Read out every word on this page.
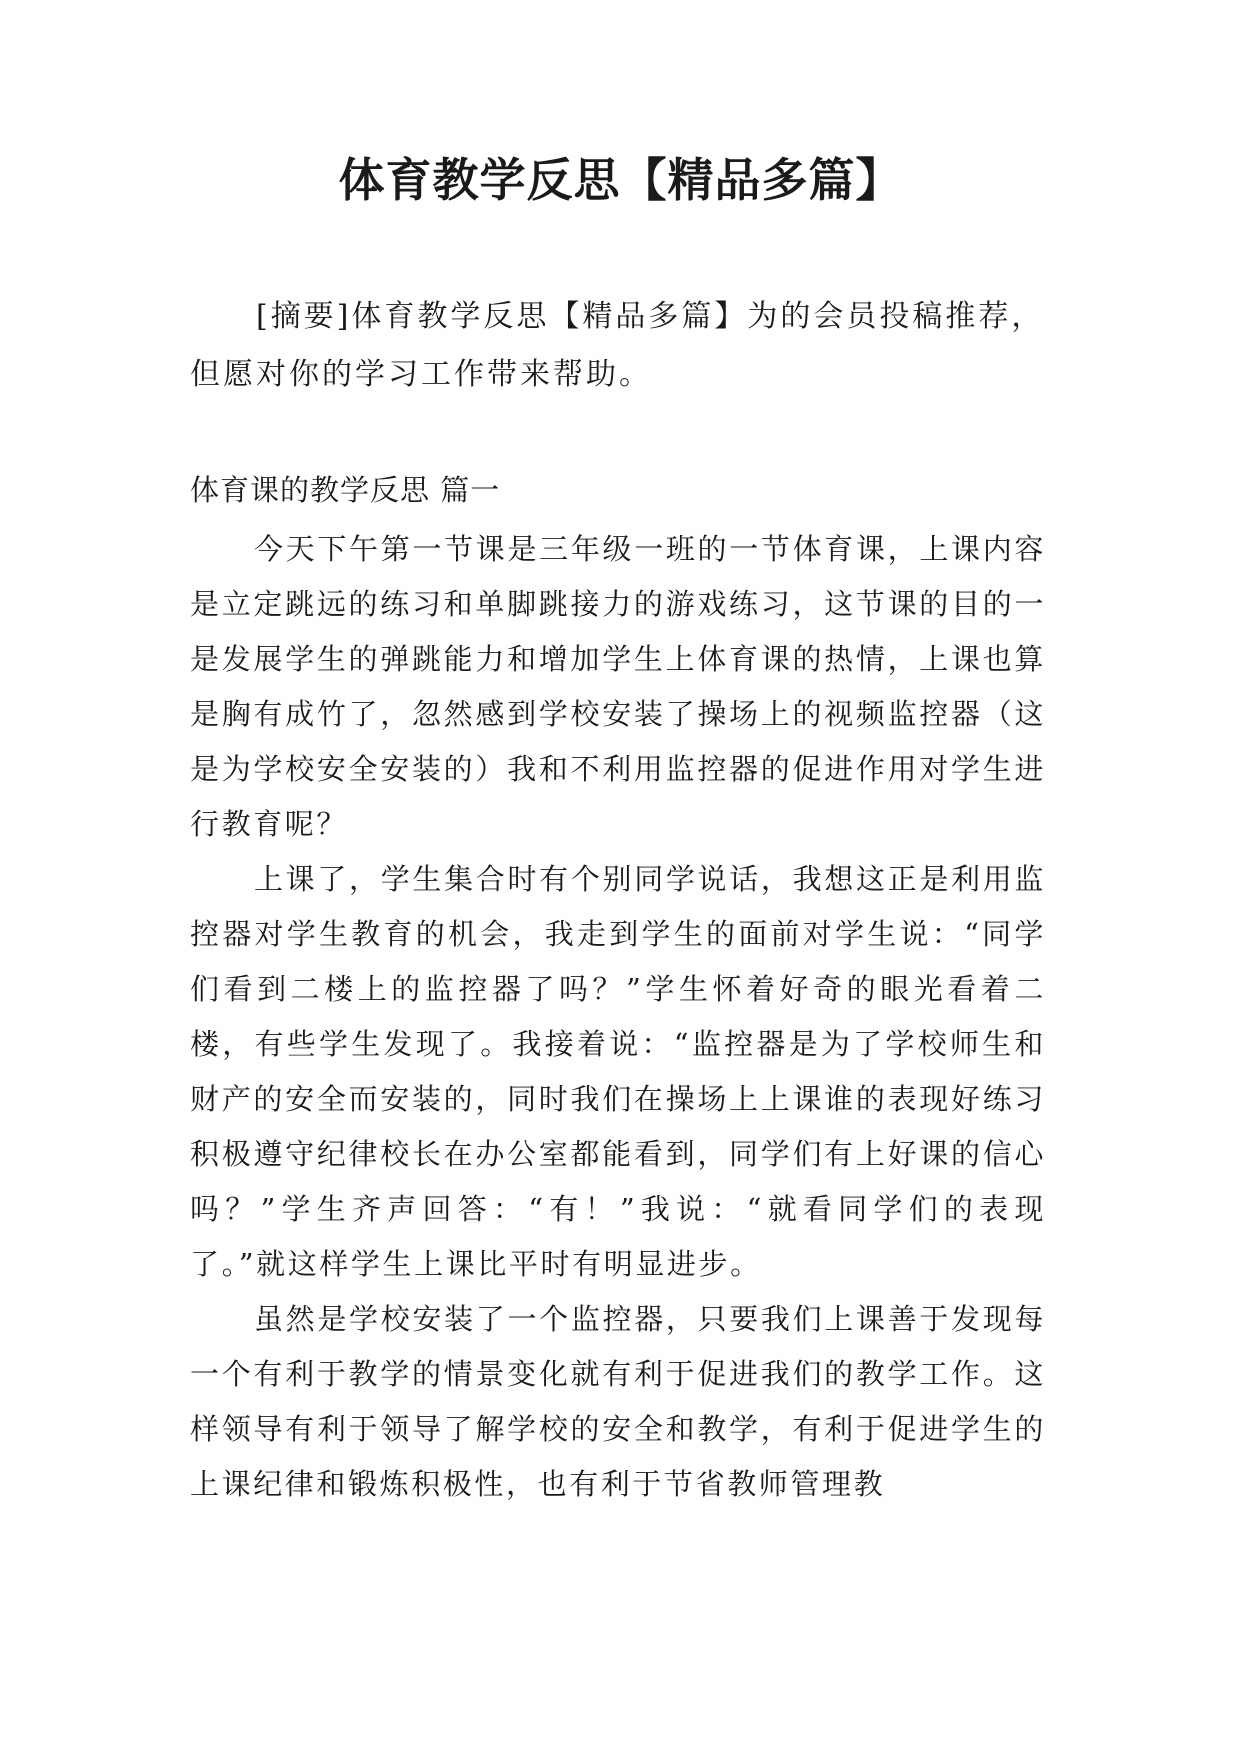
体育教学反思【精品多篇】

[摘要]体育教学反思【精品多篇】为的会员投稿推荐，但愿对你的学习工作带来帮助。

体育课的教学反思 篇一

今天下午第一节课是三年级一班的一节体育课，上课内容是立定跳远的练习和单脚跳接力的游戏练习，这节课的目的一是发展学生的弹跳能力和增加学生上体育课的热情，上课也算是胸有成竹了，忽然感到学校安装了操场上的视频监控器（这是为学校安全安装的）我和不利用监控器的促进作用对学生进行教育呢？

上课了，学生集合时有个别同学说话，我想这正是利用监控器对学生教育的机会，我走到学生的面前对学生说：“同学们看到二楼上的监控器了吗？”学生怀着好奇的眼光看着二楼，有些学生发现了。我接着说：“监控器是为了学校师生和财产的安全而安装的，同时我们在操场上上课谁的表现好练习积极遵守纪律校长在办公室都能看到，同学们有上好课的信心吗？”学生齐声回答：“有！”我说：“就看同学们的表现了。”就这样学生上课比平时有明显进步。

虽然是学校安装了一个监控器，只要我们上课善于发现每一个有利于教学的情景变化就有利于促进我们的教学工作。这样领导有利于领导了解学校的安全和教学，有利于促进学生的上课纪律和锻炼积极性，也有利于节省教师管理教
